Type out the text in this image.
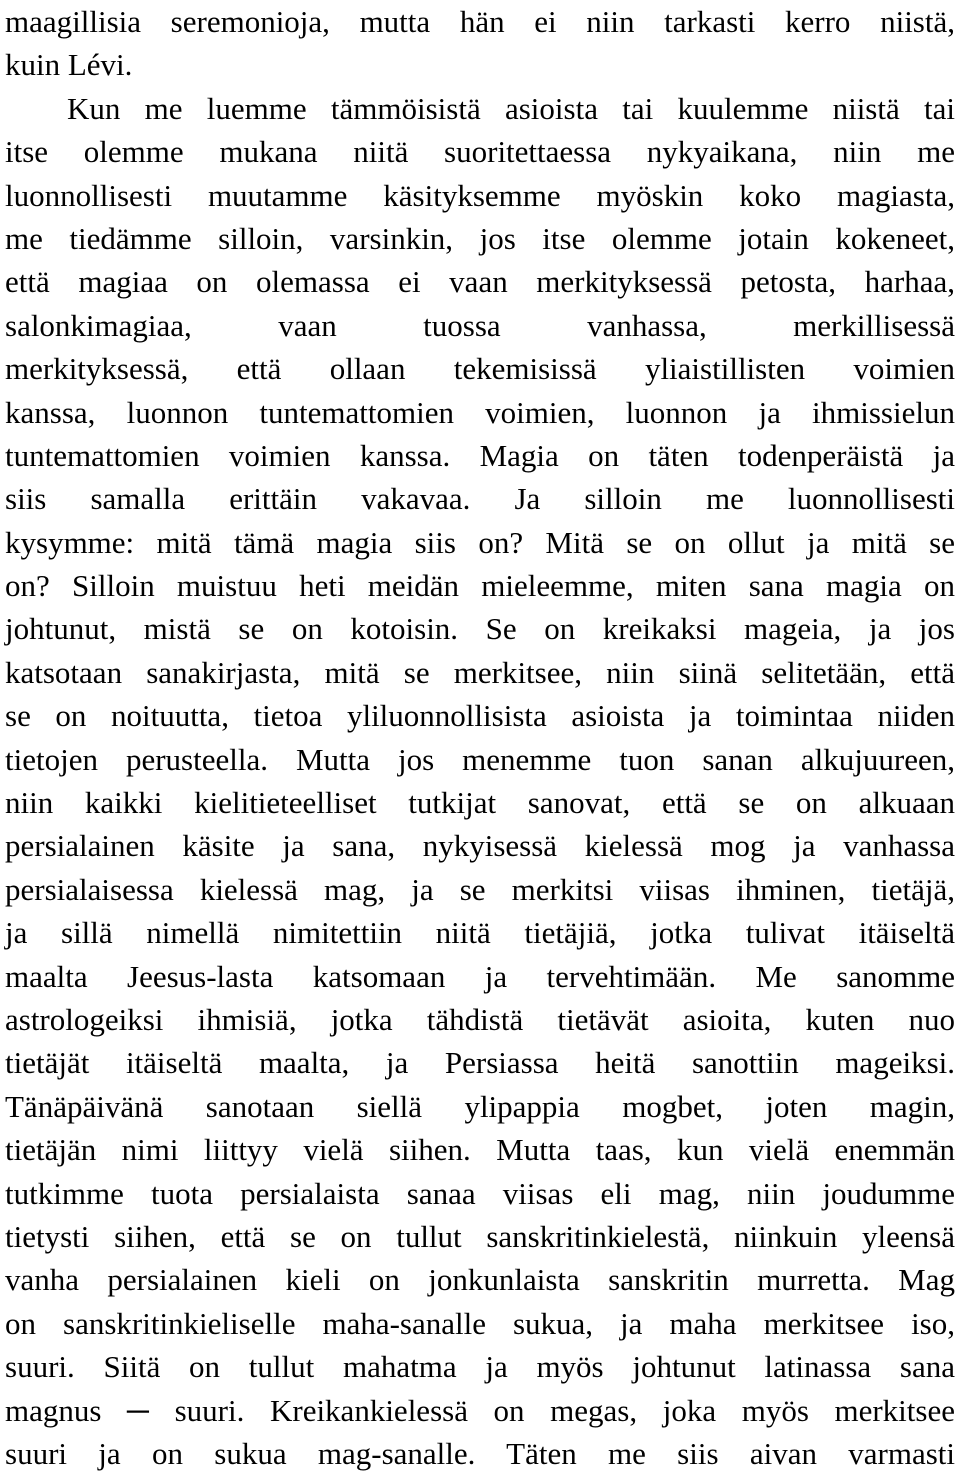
maagillisia seremonioja, mutta hän ei niin tarkasti kerro niistä,
kuin Lévi.
Kun me luemme tämmöisistä asioista tai kuulemme niistä tai
itse olemme mukana niitä suoritettaessa nykyaikana, niin me
luonnollisesti muutamme käsityksemme myöskin koko magiasta,
me tiedämme silloin, varsinkin, jos itse olemme jotain kokeneet,
että magiaa on olemassa ei vaan merkityksessä petosta, harhaa,
salonkimagiaa, vaan tuossa vanhassa, merkillisessä
merkityksessä, että ollaan tekemisissä yliaistillisten voimien
kanssa, luonnon tuntemattomien voimien, luonnon ja ihmissielun
tuntemattomien voimien kanssa. Magia on täten todenperäistä ja
siis samalla erittäin vakavaa. Ja silloin me luonnollisesti
kysymme: mitä tämä magia siis on? Mitä se on ollut ja mitä se
on? Silloin muistuu heti meidän mieleemme, miten sana magia on
johtunut, mistä se on kotoisin. Se on kreikaksi mageia, ja jos
katsotaan sanakirjasta, mitä se merkitsee, niin siinä selitetään, että
se on noituutta, tietoa yliluonnollisista asioista ja toimintaa niiden
tietojen perusteella. Mutta jos menemme tuon sanan alkujuureen,
niin kaikki kielitieteelliset tutkijat sanovat, että se on alkuaan
persialainen käsite ja sana, nykyisessä kielessä mog ja vanhassa
persialaisessa kielessä mag, ja se merkitsi viisas ihminen, tietäjä,
ja sillä nimellä nimitettiin niitä tietäjiä, jotka tulivat itäiseltä
maalta Jeesus-lasta katsomaan ja tervehtimään. Me sanomme
astrologeiksi ihmisiä, jotka tähdistä tietävät asioita, kuten nuo
tietäjät itäiseltä maalta, ja Persiassa heitä sanottiin mageiksi.
Tänäpäivänä sanotaan siellä ylipappia mogbet, joten magin,
tietäjän nimi liittyy vielä siihen. Mutta taas, kun vielä enemmän
tutkimme tuota persialaista sanaa viisas eli mag, niin joudumme
tietysti siihen, että se on tullut sanskritinkielestä, niinkuin yleensä
vanha persialainen kieli on jonkunlaista sanskritin murretta. Mag
on sanskritinkieliselle maha-sanalle sukua, ja maha merkitsee iso,
suuri. Siitä on tullut mahatma ja myös johtunut latinassa sana
magnus ─ suuri. Kreikankielessä on megas, joka myös merkitsee
suuri ja on sukua mag-sanalle. Täten me siis aivan varmasti
